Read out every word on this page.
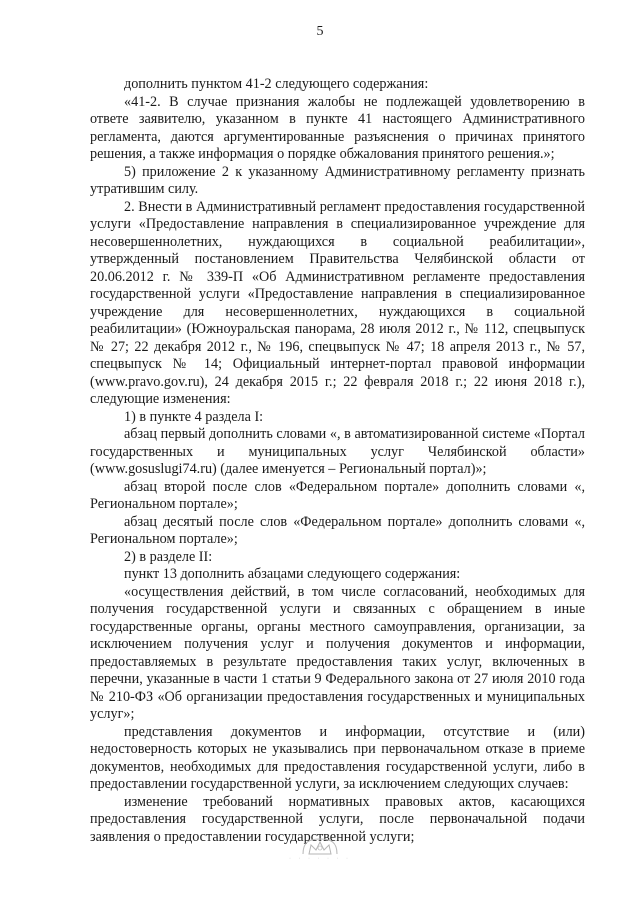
5

дополнить пунктом 41-2 следующего содержания:

«41-2. В случае признания жалобы не подлежащей удовлетворению в ответе заявителю, указанном в пункте 41 настоящего Административного регламента, даются аргументированные разъяснения о причинах принятого решения, а также информация о порядке обжалования принятого решения.»;

5) приложение 2 к указанному Административному регламенту признать утратившим силу.

2. Внести в Административный регламент предоставления государственной услуги «Предоставление направления в специализированное учреждение для несовершеннолетних, нуждающихся в социальной реабилитации», утвержденный постановлением Правительства Челябинской области от 20.06.2012 г. № 339-П «Об Административном регламенте предоставления государственной услуги «Предоставление направления в специализированное учреждение для несовершеннолетних, нуждающихся в социальной реабилитации» (Южноуральская панорама, 28 июля 2012 г., № 112, спецвыпуск № 27; 22 декабря 2012 г., № 196, спецвыпуск № 47; 18 апреля 2013 г., № 57, спецвыпуск № 14; Официальный интернет-портал правовой информации (www.pravo.gov.ru), 24 декабря 2015 г.; 22 февраля 2018 г.; 22 июня 2018 г.), следующие изменения:

1) в пункте 4 раздела I:

абзац первый дополнить словами «, в автоматизированной системе «Портал государственных и муниципальных услуг Челябинской области» (www.gosuslugi74.ru) (далее именуется – Региональный портал)»;

абзац второй после слов «Федеральном портале» дополнить словами «, Региональном портале»;

абзац десятый после слов «Федеральном портале» дополнить словами «, Региональном портале»;

2) в разделе II:

пункт 13 дополнить абзацами следующего содержания:

«осуществления действий, в том числе согласований, необходимых для получения государственной услуги и связанных с обращением в иные государственные органы, органы местного самоуправления, организации, за исключением получения услуг и получения документов и информации, предоставляемых в результате предоставления таких услуг, включенных в перечни, указанные в части 1 статьи 9 Федерального закона от 27 июля 2010 года № 210-ФЗ «Об организации предоставления государственных и муниципальных услуг»;

представления документов и информации, отсутствие и (или) недостоверность которых не указывались при первоначальном отказе в приеме документов, необходимых для предоставления государственной услуги, либо в предоставлении государственной услуги, за исключением следующих случаев:

изменение требований нормативных правовых актов, касающихся предоставления государственной услуги, после первоначальной подачи заявления о предоставлении государственной услуги;

· · · · · · ·
